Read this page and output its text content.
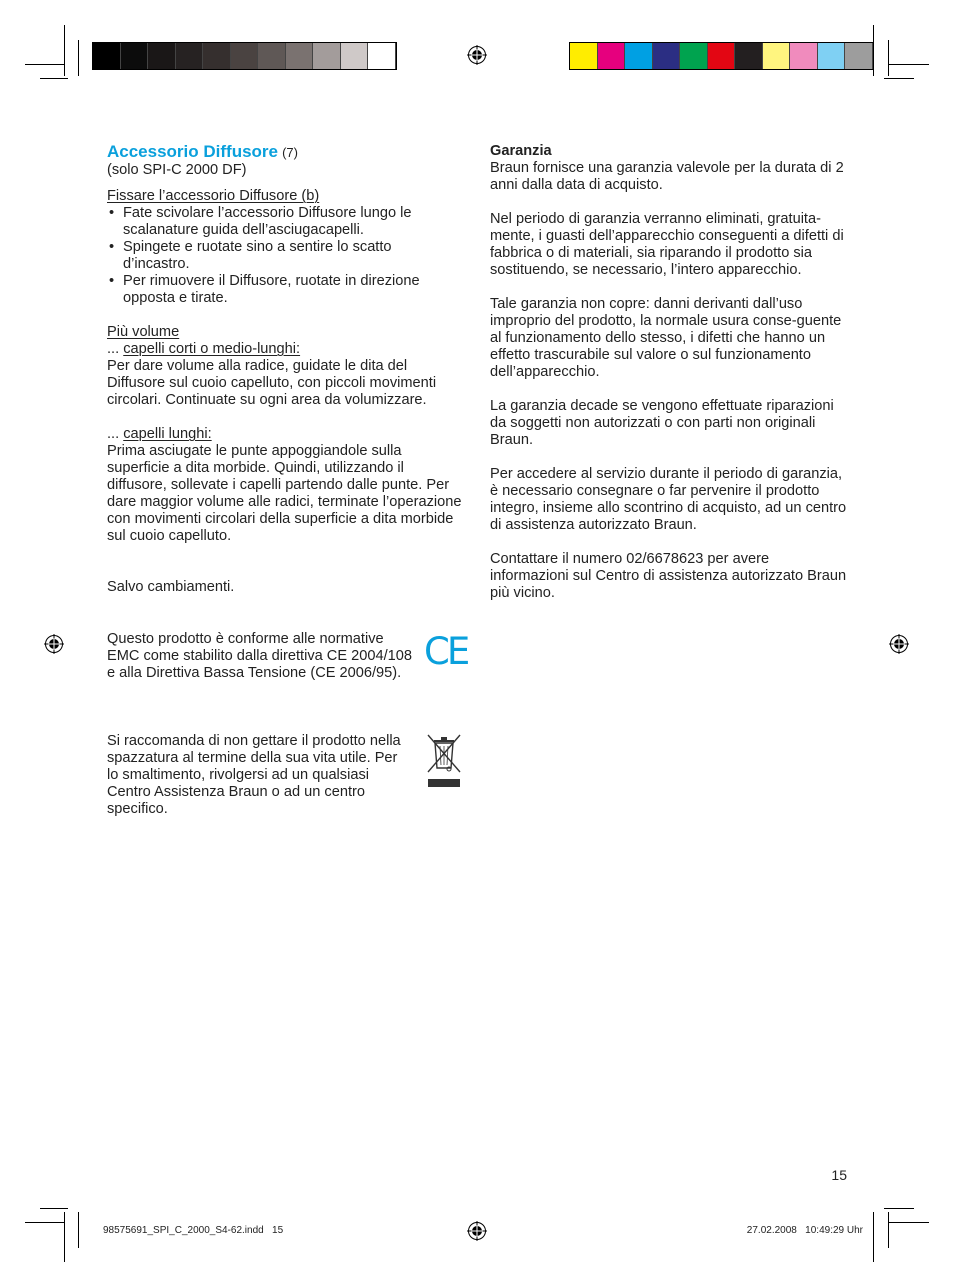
Accessorio Diffusore (7)
(solo SPI-C 2000 DF)
Fissare l’accessorio Diffusore (b)
• Fate scivolare l’accessorio Diffusore lungo le scalanature guida dell’asciugacapelli.
• Spingete e ruotate sino a sentire lo scatto d’incastro.
• Per rimuovere il Diffusore, ruotate in direzione opposta e tirate.
Più volume
... capelli corti o medio-lunghi:

Per dare volume alla radice, guidate le dita del Diffusore sul cuoio capelluto, con piccoli movimenti circolari. Continuate su ogni area da volumizzare.

... capelli lunghi:

Prima asciugate le punte appoggiandole sulla superficie a dita morbide. Quindi, utilizzando il diffusore, sollevate i capelli partendo dalle punte. Per dare maggior volume alle radici, terminate l’operazione con movimenti circolari della superficie a dita morbide sul cuoio capelluto.

Salvo cambiamenti.

Questo prodotto è conforme alle normative EMC come stabilito dalla direttiva CE 2004/108 e alla Direttiva Bassa Tensione (CE 2006/95). CE
Si raccomanda di non gettare il prodotto nella spazzatura al termine della sua vita utile. Per lo smaltimento, rivolgersi ad un qualsiasi Centro Assistenza Braun o ad un centro specifico.
Garanzia

Braun fornisce una garanzia valevole per la durata di 2 anni dalla data di acquisto.

Nel periodo di garanzia verranno eliminati, gratuita-mente, i guasti dell’apparecchio conseguenti a difetti di fabbrica o di materiali, sia riparando il prodotto sia sostituendo, se necessario, l’intero apparecchio.

Tale garanzia non copre: danni derivanti dall’uso improprio del prodotto, la normale usura conse-guente al funzionamento dello stesso, i difetti che hanno un effetto trascurabile sul valore o sul funzionamento dell’apparecchio.

La garanzia decade se vengono effettuate riparazioni da soggetti non autorizzati o con parti non originali Braun.

Per accedere al servizio durante il periodo di garanzia, è necessario consegnare o far pervenire il prodotto integro, insieme allo scontrino di acquisto, ad un centro di assistenza autorizzato Braun.

Contattare il numero 02/6678623 per avere informazioni sul Centro di assistenza autorizzato Braun più vicino.

15
98575691_SPI_C_2000_S4-62.indd   15	27.02.2008   10:49:29 Uhr
